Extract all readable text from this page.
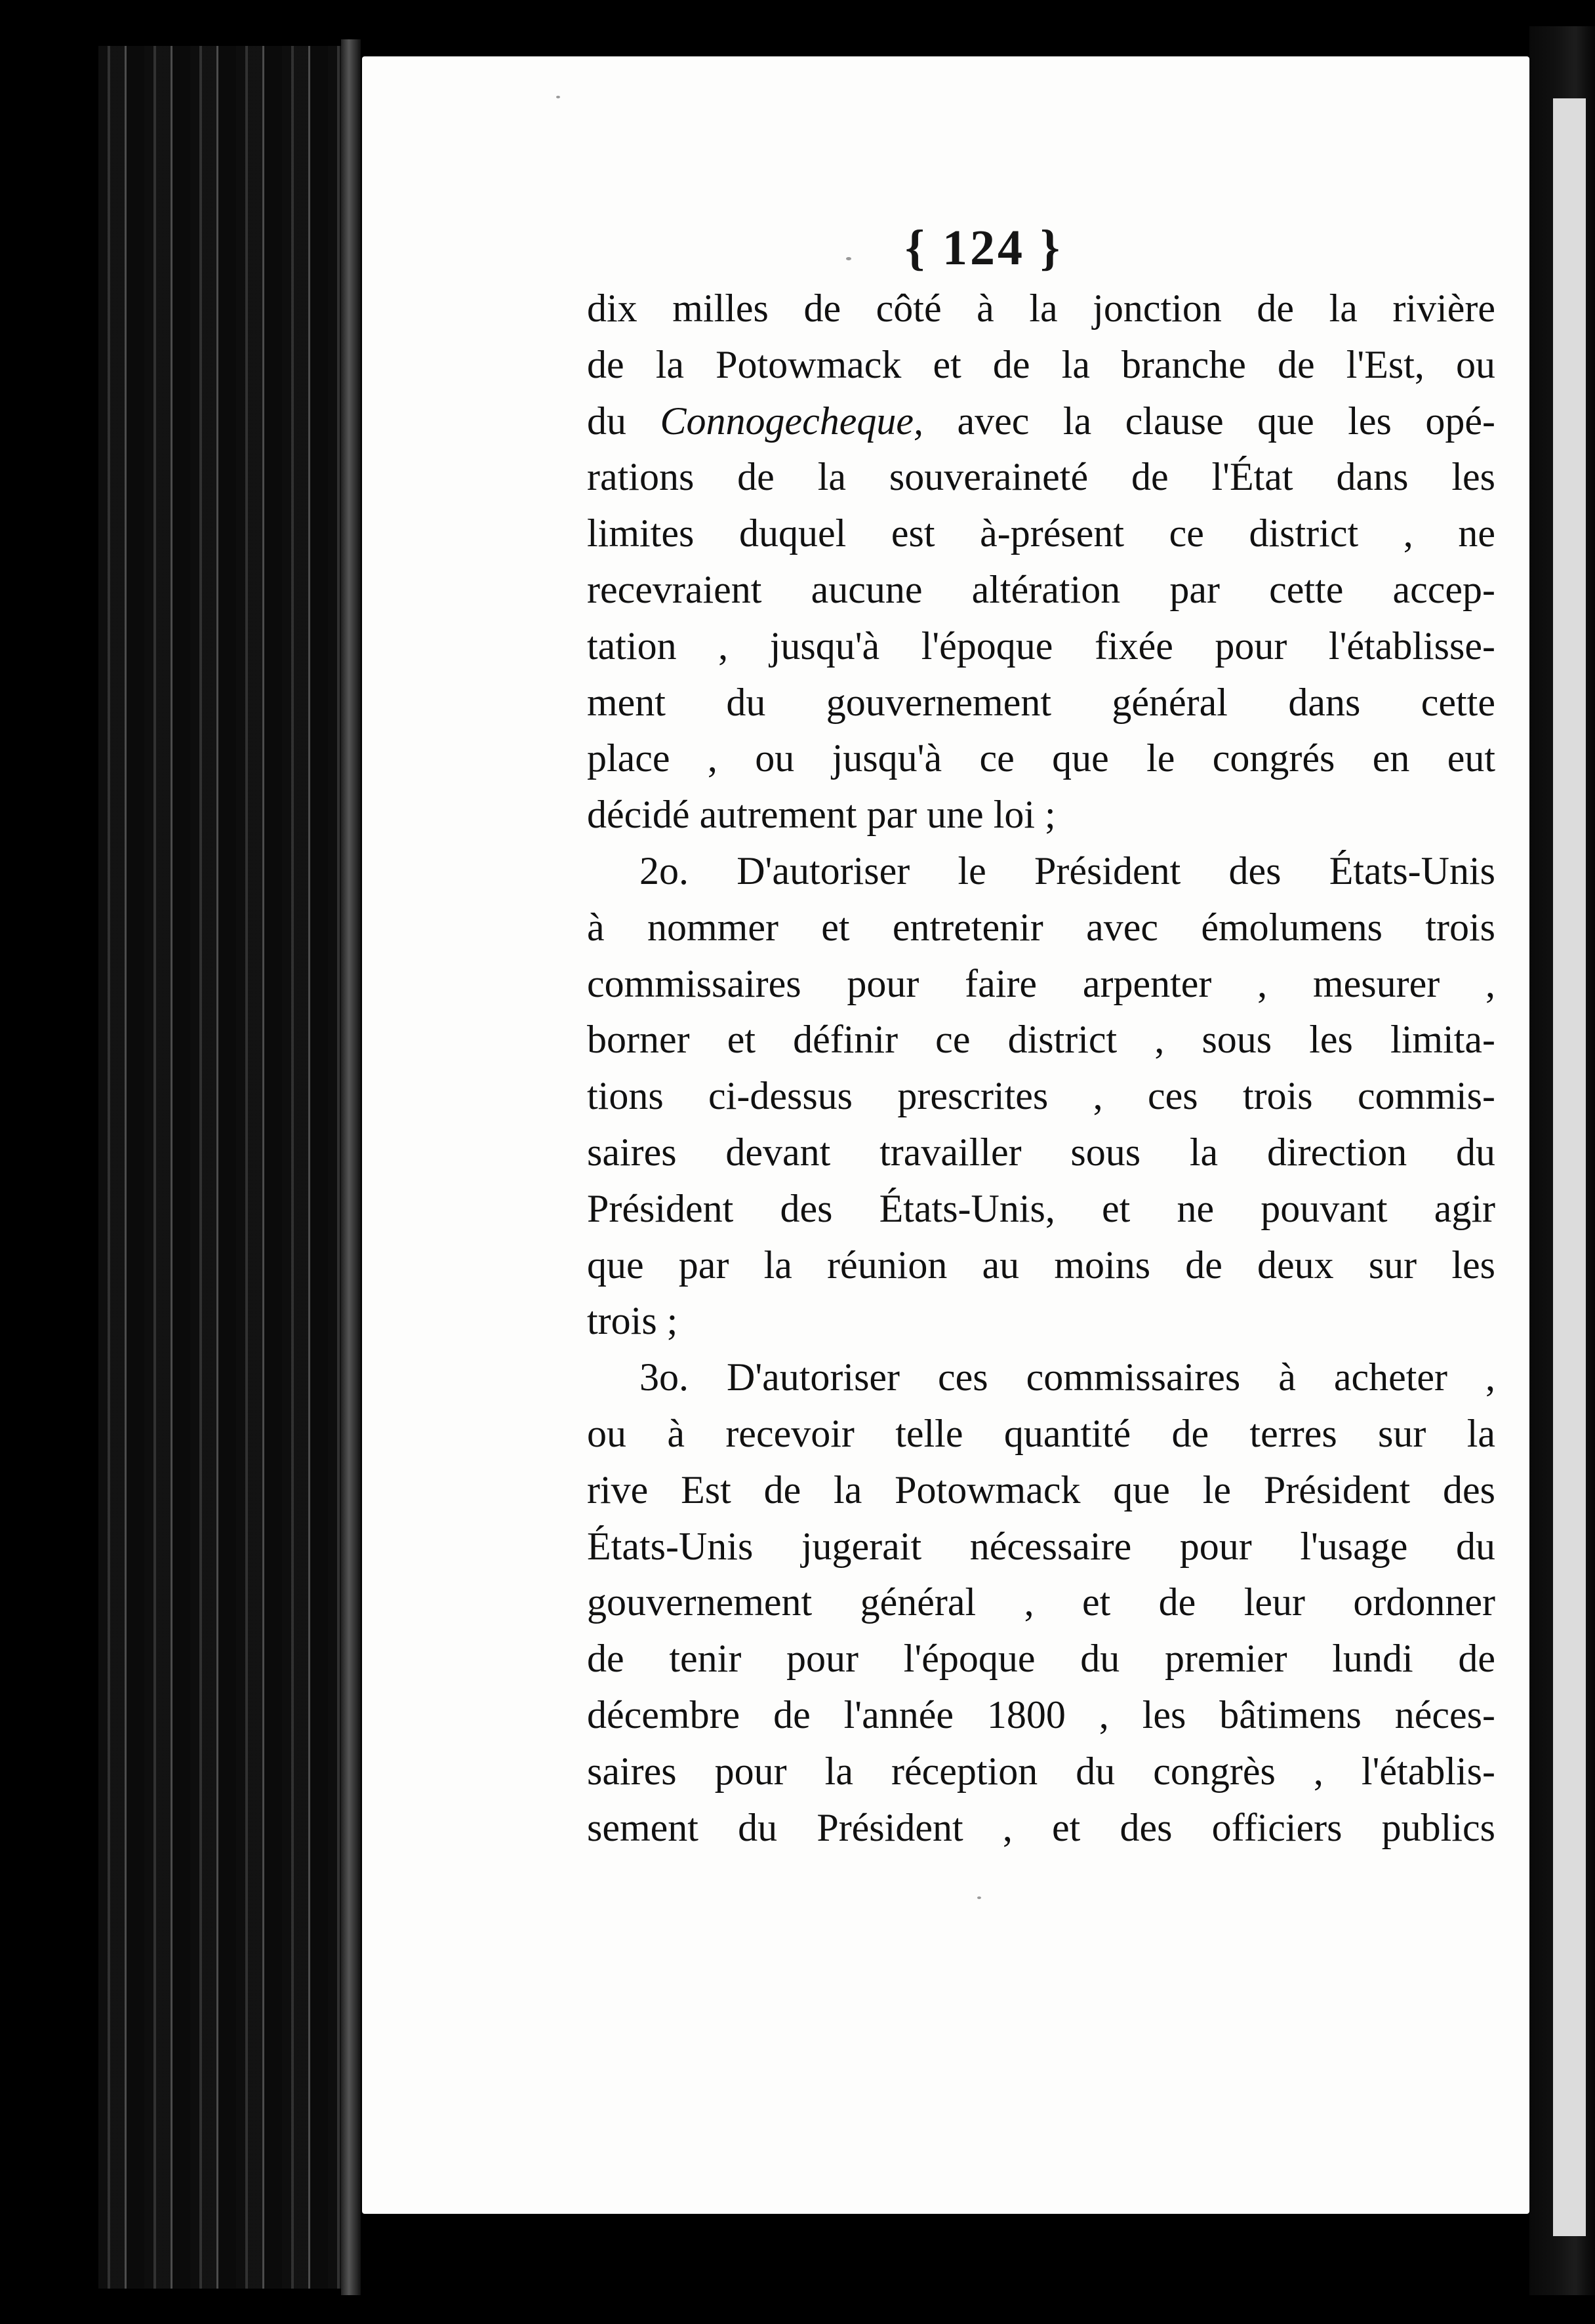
{ 124 }
dix milles de côté à la jonction de la rivière
de la Potowmack et de la branche de l'Est, ou
du Connogecheque, avec la clause que les opé-
rations de la souveraineté de l'État dans les
limites duquel est à-présent ce district , ne
recevraient aucune altération par cette accep-
tation , jusqu'à l'époque fixée pour l'établisse-
ment du gouvernement général dans cette
place , ou jusqu'à ce que le congrés en eut
décidé autrement par une loi ;
2o. D'autoriser le Président des États-Unis
à nommer et entretenir avec émolumens trois
commissaires pour faire arpenter , mesurer ,
borner et définir ce district , sous les limita-
tions ci-dessus prescrites , ces trois commis-
saires devant travailler sous la direction du
Président des États-Unis, et ne pouvant agir
que par la réunion au moins de deux sur les
trois ;
3o. D'autoriser ces commissaires à acheter ,
ou à recevoir telle quantité de terres sur la
rive Est de la Potowmack que le Président des
États-Unis jugerait nécessaire pour l'usage du
gouvernement général , et de leur ordonner
de tenir pour l'époque du premier lundi de
décembre de l'année 1800 , les bâtimens néces-
saires pour la réception du congrès , l'établis-
sement du Président , et des officiers publics
